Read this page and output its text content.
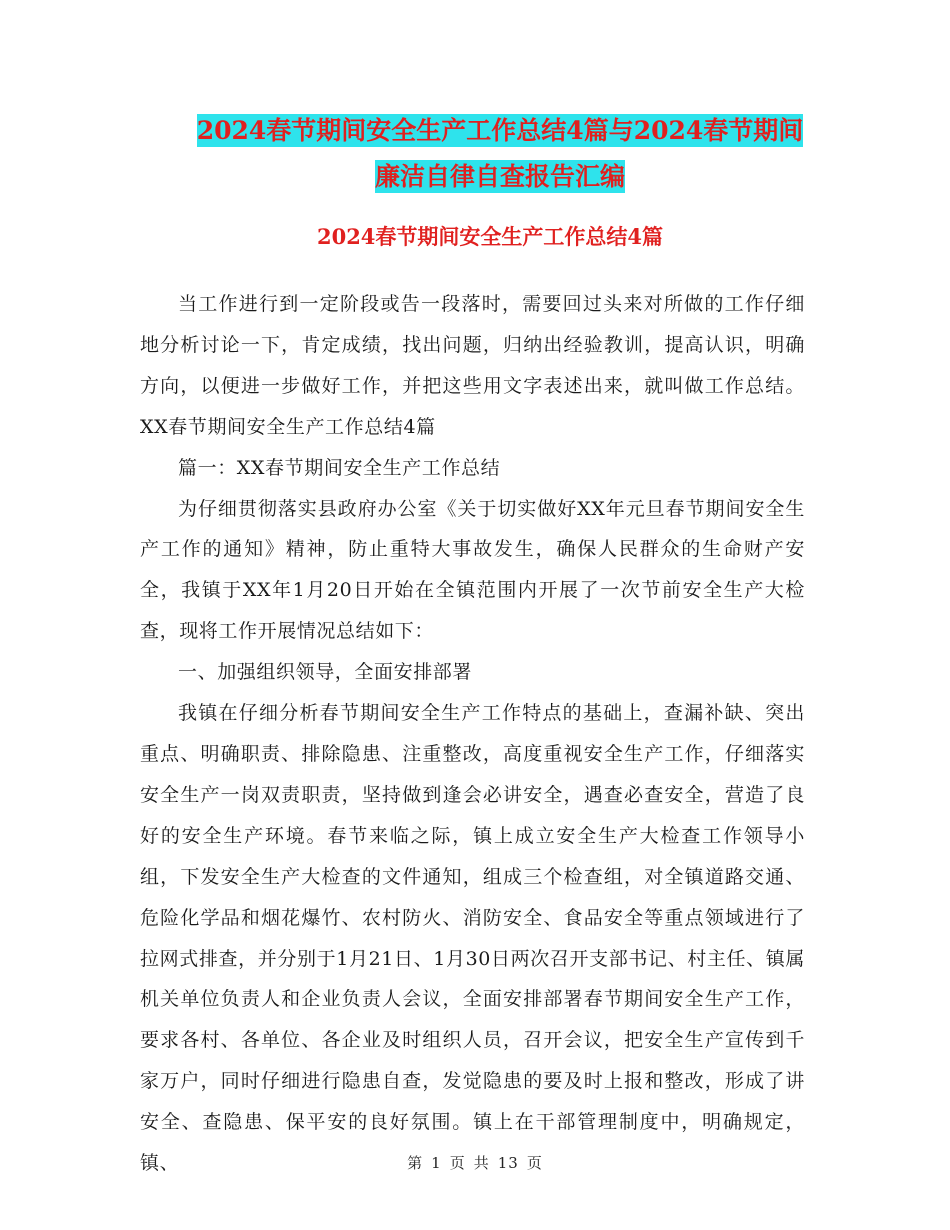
2024春节期间安全生产工作总结4篇与2024春节期间
廉洁自律自查报告汇编
2024春节期间安全生产工作总结4篇

当工作进行到一定阶段或告一段落时，需要回过头来对所做的工作仔细地分析讨论一下，肯定成绩，找出问题，归纳出经验教训，提高认识，明确方向，以便进一步做好工作，并把这些用文字表述出来，就叫做工作总结。XX春节期间安全生产工作总结4篇

篇一：XX春节期间安全生产工作总结

为仔细贯彻落实县政府办公室《关于切实做好XX年元旦春节期间安全生产工作的通知》精神，防止重特大事故发生，确保人民群众的生命财产安全，我镇于XX年1月20日开始在全镇范围内开展了一次节前安全生产大检查，现将工作开展情况总结如下：

一、加强组织领导，全面安排部署

我镇在仔细分析春节期间安全生产工作特点的基础上，查漏补缺、突出重点、明确职责、排除隐患、注重整改，高度重视安全生产工作，仔细落实安全生产一岗双责职责，坚持做到逢会必讲安全，遇查必查安全，营造了良好的安全生产环境。春节来临之际，镇上成立安全生产大检查工作领导小组，下发安全生产大检查的文件通知，组成三个检查组，对全镇道路交通、危险化学品和烟花爆竹、农村防火、消防安全、食品安全等重点领域进行了拉网式排查，并分别于1月21日、1月30日两次召开支部书记、村主任、镇属机关单位负责人和企业负责人会议，全面安排部署春节期间安全生产工作，要求各村、各单位、各企业及时组织人员，召开会议，把安全生产宣传到千家万户，同时仔细进行隐患自查，发觉隐患的要及时上报和整改，形成了讲安全、查隐患、保平安的良好氛围。镇上在干部管理制度中，明确规定，镇、	第 1 页 共 13 页
